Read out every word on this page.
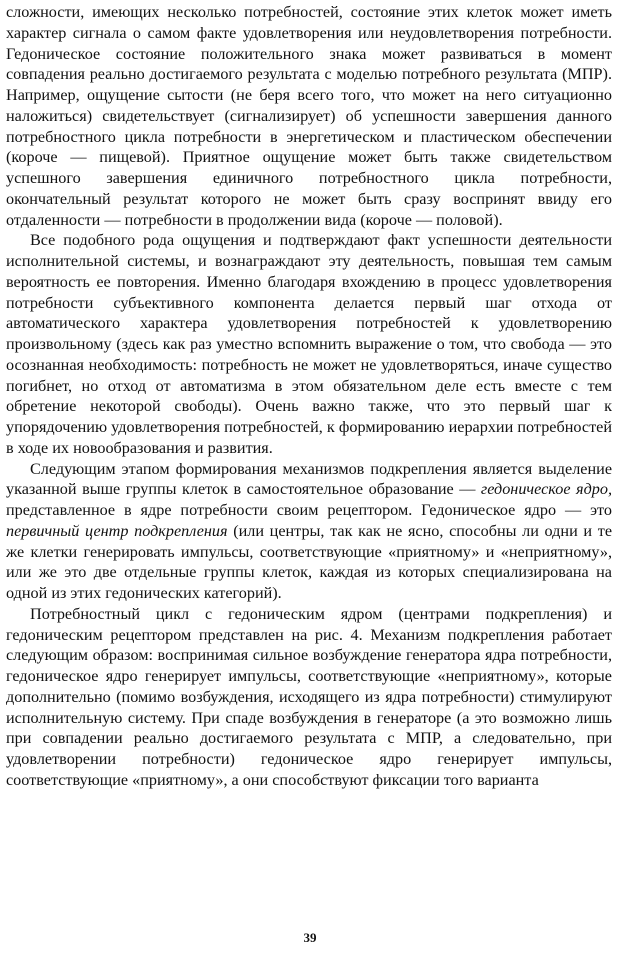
сложности, имеющих несколько потребностей, состояние этих клеток может иметь характер сигнала о самом факте удовлетворения или неудовлетворения потребности. Гедоническое состояние положительного знака может развиваться в момент совпадения реально достигаемого результата с моделью потребного результата (МПР). Например, ощущение сытости (не беря всего того, что может на него ситуационно наложиться) свидетельствует (сигнализирует) об успешности завершения данного потребностного цикла потребности в энергетическом и пластическом обеспечении (короче — пищевой). Приятное ощущение может быть также свидетельством успешного завершения единичного потребностного цикла потребности, окончательный результат которого не может быть сразу воспринят ввиду его отдаленности — потребности в продолжении вида (короче — половой).

Все подобного рода ощущения и подтверждают факт успешности деятельности исполнительной системы, и вознаграждают эту деятельность, повышая тем самым вероятность ее повторения. Именно благодаря вхождению в процесс удовлетворения потребности субъективного компонента делается первый шаг отхода от автоматического характера удовлетворения потребностей к удовлетворению произвольному (здесь как раз уместно вспомнить выражение о том, что свобода — это осознанная необходимость: потребность не может не удовлетворяться, иначе существо погибнет, но отход от автоматизма в этом обязательном деле есть вместе с тем обретение некоторой свободы). Очень важно также, что это первый шаг к упорядочению удовлетворения потребностей, к формированию иерархии потребностей в ходе их новообразования и развития.

Следующим этапом формирования механизмов подкрепления является выделение указанной выше группы клеток в самостоятельное образование — гедоническое ядро, представленное в ядре потребности своим рецептором. Гедоническое ядро — это первичный центр подкрепления (или центры, так как не ясно, способны ли одни и те же клетки генерировать импульсы, соответствующие «приятному» и «неприятному», или же это две отдельные группы клеток, каждая из которых специализирована на одной из этих гедонических категорий).

Потребностный цикл с гедоническим ядром (центрами подкрепления) и гедоническим рецептором представлен на рис. 4. Механизм подкрепления работает следующим образом: воспринимая сильное возбуждение генератора ядра потребности, гедоническое ядро генерирует импульсы, соответствующие «неприятному», которые дополнительно (помимо возбуждения, исходящего из ядра потребности) стимулируют исполнительную систему. При спаде возбуждения в генераторе (а это возможно лишь при совпадении реально достигаемого результата с МПР, а следовательно, при удовлетворении потребности) гедоническое ядро генерирует импульсы, соответствующие «приятному», а они способствуют фиксации того варианта

39
